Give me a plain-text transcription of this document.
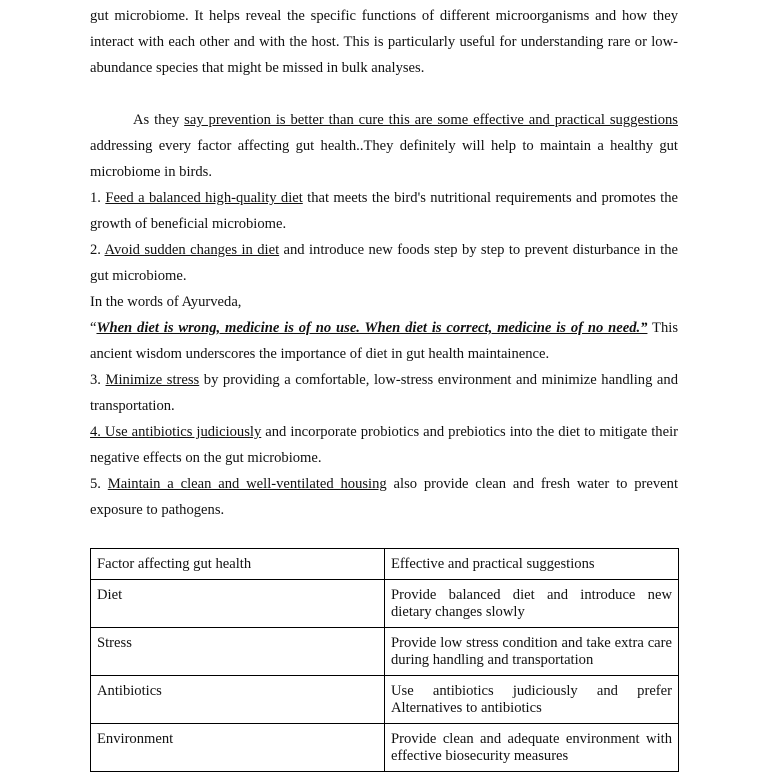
gut microbiome. It helps reveal the specific functions of different microorganisms and how they interact with each other and with the host. This is particularly useful for understanding rare or low-abundance species that might be missed in bulk analyses.

As they say prevention is better than cure this are some effective and practical suggestions addressing every factor affecting gut health..They definitely will help to maintain a healthy gut microbiome in birds.

1. Feed a balanced high-quality diet that meets the bird's nutritional requirements and promotes the growth of beneficial microbiome.

2. Avoid sudden changes in diet and introduce new foods step by step to prevent disturbance in the gut microbiome.

In the words of Ayurveda,

“When diet is wrong, medicine is of no use. When diet is correct, medicine is of no need.” This ancient wisdom underscores the importance of diet in gut health maintainence.

3. Minimize stress by providing a comfortable, low-stress environment and minimize handling and transportation.

4. Use antibiotics judiciously and incorporate probiotics and prebiotics into the diet to mitigate their negative effects on the gut microbiome.

5. Maintain a clean and well-ventilated housing also provide clean and fresh water to prevent exposure to pathogens.

Factor affecting gut health	Effective and practical suggestions
Diet	Provide balanced diet and introduce new dietary changes slowly
Stress	Provide low stress condition and take extra care during handling and transportation
Antibiotics	Use antibiotics judiciously and prefer Alternatives to antibiotics
Environment	Provide clean and adequate environment with effective biosecurity measures
